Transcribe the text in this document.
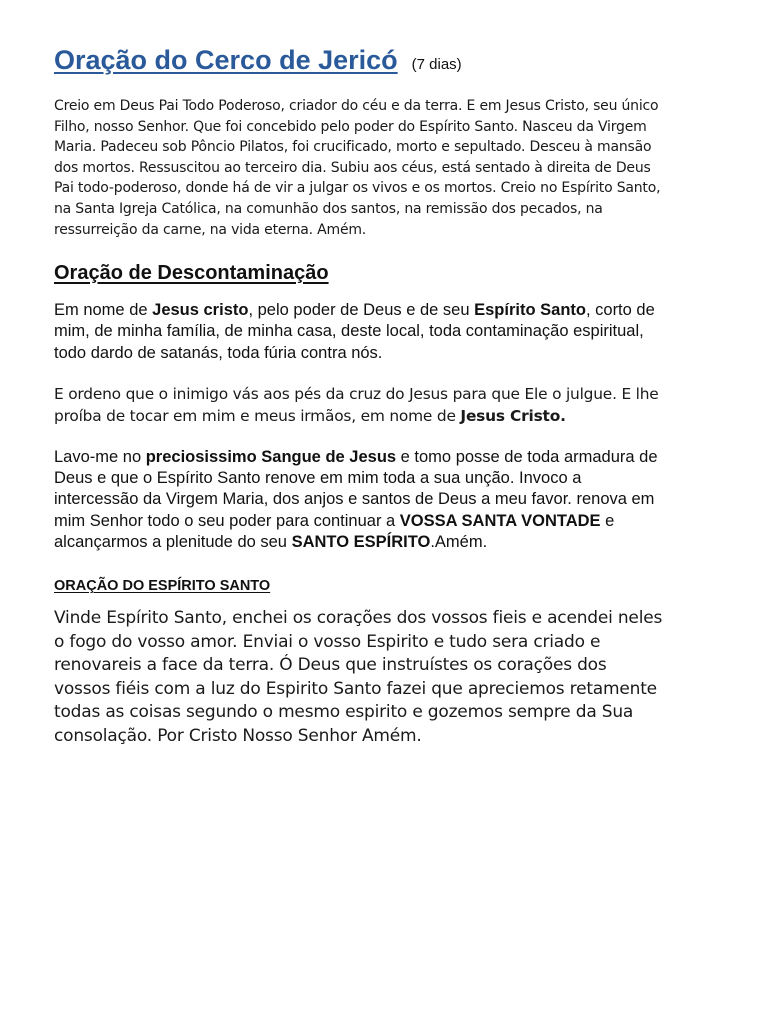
Oração do Cerco de Jericó (7 dias)

Creio em Deus Pai Todo Poderoso, criador do céu e da terra. E em Jesus Cristo, seu único Filho, nosso Senhor. Que foi concebido pelo poder do Espírito Santo. Nasceu da Virgem Maria. Padeceu sob Pôncio Pilatos, foi crucificado, morto e sepultado. Desceu à mansão dos mortos. Ressuscitou ao terceiro dia. Subiu aos céus, está sentado à direita de Deus Pai todo-poderoso, donde há de vir a julgar os vivos e os mortos. Creio no Espírito Santo, na Santa Igreja Católica, na comunhão dos santos, na remissão dos pecados, na ressurreição da carne, na vida eterna. Amém.

Oração de Descontaminação

Em nome de Jesus cristo, pelo poder de Deus e de seu Espírito Santo, corto de mim, de minha família, de minha casa, deste local, toda contaminação espiritual, todo dardo de satanás, toda fúria contra nós.

E ordeno que o inimigo vás aos pés da cruz do Jesus para que Ele o julgue. E lhe proíba de tocar em mim e meus irmãos, em nome de Jesus Cristo.

Lavo-me no preciosissimo Sangue de Jesus e tomo posse de toda armadura de Deus e que o Espírito Santo renove em mim toda a sua unção. Invoco a intercessão da Virgem Maria, dos anjos e santos de Deus a meu favor. renova em mim Senhor todo o seu poder para continuar a VOSSA SANTA VONTADE e alcançarmos a plenitude do seu SANTO ESPÍRITO.Amém.

ORAÇÃO DO ESPÍRITO SANTO

Vinde Espírito Santo, enchei os corações dos vossos fieis e acendei neles o fogo do vosso amor. Enviai o vosso Espirito e tudo sera criado e renovareis a face da terra. Ó Deus que instruístes os corações dos vossos fiéis com a luz do Espirito Santo fazei que apreciemos retamente todas as coisas segundo o mesmo espirito e gozemos sempre da Sua consolação. Por Cristo Nosso Senhor Amém.
